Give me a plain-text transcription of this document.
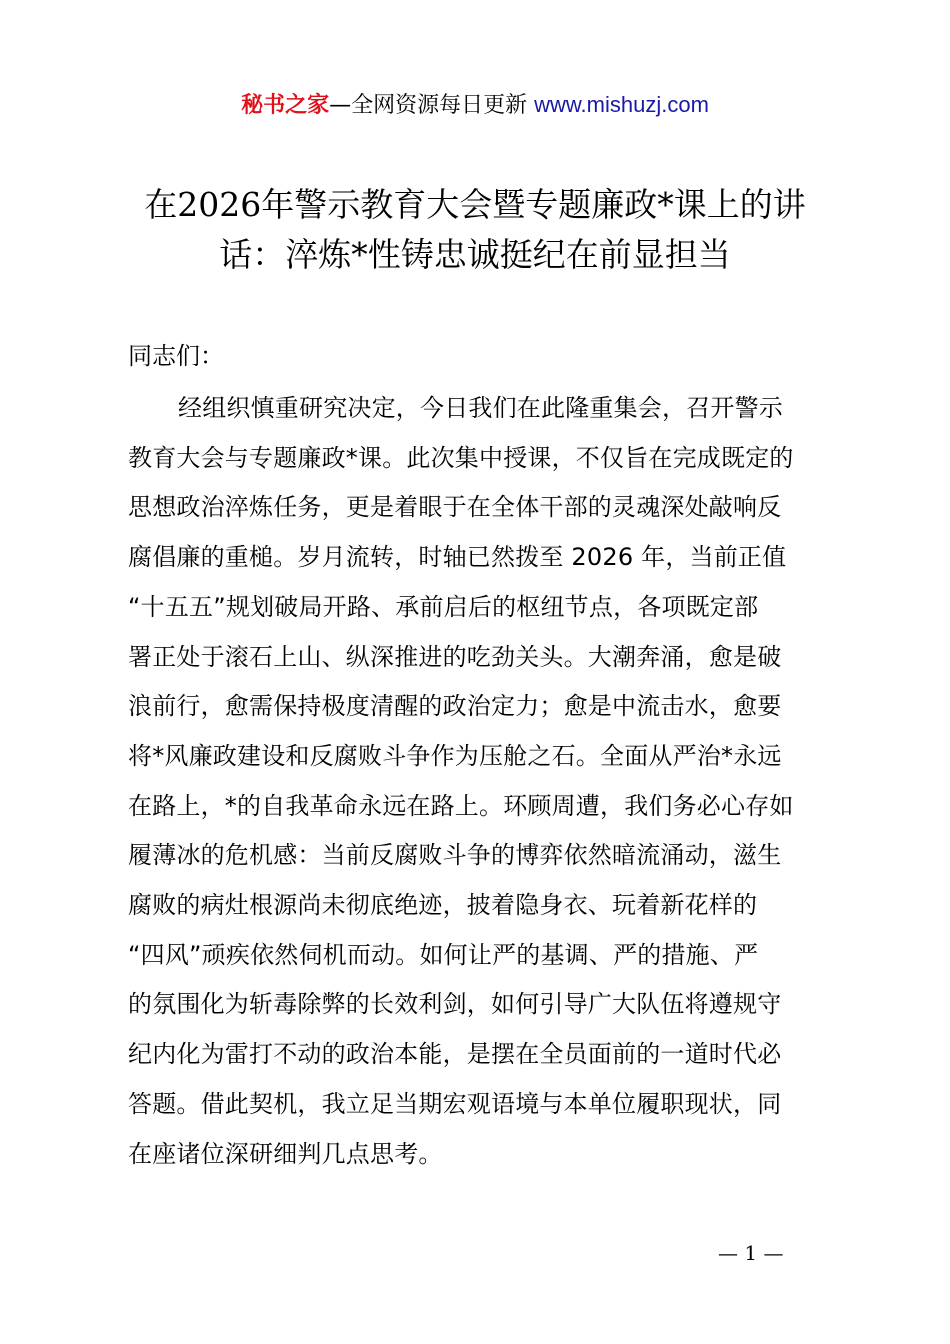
秘书之家—全网资源每日更新 www.mishuzj.com
在2026年警示教育大会暨专题廉政*课上的讲
话：淬炼*性铸忠诚挺纪在前显担当
同志们：
经组织慎重研究决定，今日我们在此隆重集会，召开警示
教育大会与专题廉政*课。此次集中授课，不仅旨在完成既定的
思想政治淬炼任务，更是着眼于在全体干部的灵魂深处敲响反
腐倡廉的重槌。岁月流转，时轴已然拨至 2026 年，当前正值
“十五五”规划破局开路、承前启后的枢纽节点，各项既定部
署正处于滚石上山、纵深推进的吃劲关头。大潮奔涌，愈是破
浪前行，愈需保持极度清醒的政治定力；愈是中流击水，愈要
将*风廉政建设和反腐败斗争作为压舱之石。全面从严治*永远
在路上，*的自我革命永远在路上。环顾周遭，我们务必心存如
履薄冰的危机感：当前反腐败斗争的博弈依然暗流涌动，滋生
腐败的病灶根源尚未彻底绝迹，披着隐身衣、玩着新花样的
“四风”顽疾依然伺机而动。如何让严的基调、严的措施、严
的氛围化为斩毒除弊的长效利剑，如何引导广大队伍将遵规守
纪内化为雷打不动的政治本能，是摆在全员面前的一道时代必
答题。借此契机，我立足当期宏观语境与本单位履职现状，同
在座诸位深研细判几点思考。
— 1 —
